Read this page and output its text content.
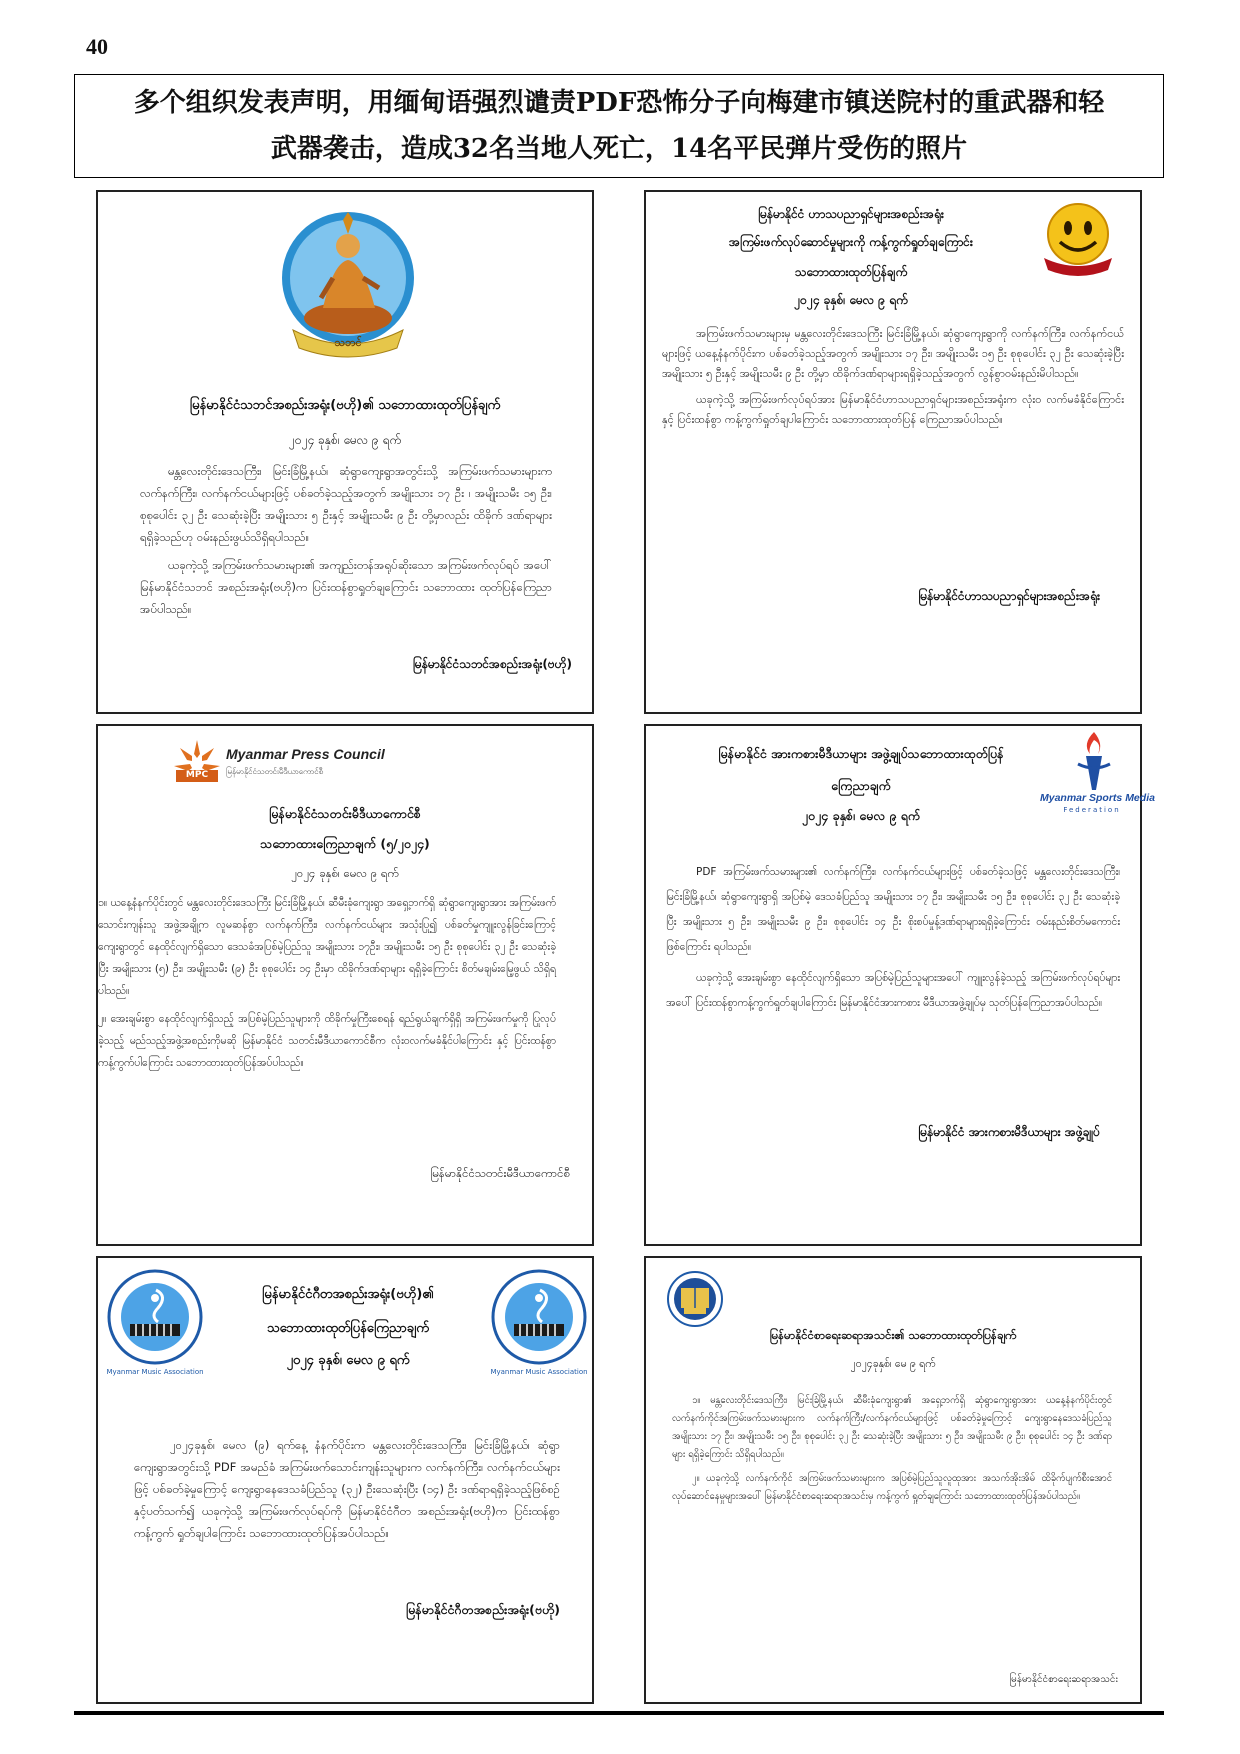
40
多个组织发表声明，用缅甸语强烈谴责PDF恐怖分子向梅建市镇送院村的重武器和轻
武器袭击，造成32名当地人死亡，14名平民弹片受伤的照片
သဘင်
မြန်မာနိုင်ငံသဘင်အစည်းအရုံး(ဗဟို)၏ သဘောထားထုတ်ပြန်ချက်
၂၀၂၄ ခုနှစ်၊ မေလ ၉ ရက်

မန္တလေးတိုင်းဒေသကြီး၊ မြင်းခြံမြို့နယ်၊ ဆုံရွာကျေးရွာအတွင်းသို့ အကြမ်းဖက်သမားများက လက်နက်ကြီး၊ လက်နက်ငယ်များဖြင့် ပစ်ခတ်ခဲ့သည့်အတွက် အမျိုးသား ၁၇ ဦး ၊ အမျိုးသမီး ၁၅ ဦး၊ စုစုပေါင်း ၃၂ ဦး သေဆုံးခဲ့ပြီး အမျိုးသား ၅ ဦးနှင့် အမျိုးသမီး ၉ ဦး တို့မှာလည်း ထိခိုက် ဒဏ်ရာများရရှိခဲ့သည်ဟု ဝမ်းနည်းဖွယ်သိရှိရပါသည်။

ယခုကဲ့သို့ အကြမ်းဖက်သမားများ၏ အကျည်းတန်အရုပ်ဆိုးသော အကြမ်းဖက်လုပ်ရပ် အပေါ် မြန်မာနိုင်ငံသဘင် အစည်းအရုံး(ဗဟို)က ပြင်းထန်စွာရှုတ်ချကြောင်း သဘောထား ထုတ်ပြန်ကြေညာအပ်ပါသည်။

မြန်မာနိုင်ငံသဘင်အစည်းအရုံး(ဗဟို)
မြန်မာနိုင်ငံ ဟာသပညာရှင်များအစည်းအရုံး
အကြမ်းဖက်လုပ်ဆောင်မှုများကို ကန့်ကွက်ရှုတ်ချကြောင်း
သဘောထားထုတ်ပြန်ချက်
၂၀၂၄ ခုနှစ်၊ မေလ ၉ ရက်

အကြမ်းဖက်သမားများမှ မန္တလေးတိုင်းဒေသကြီး မြင်းခြံမြို့နယ်၊ ဆုံရွာကျေးရွာကို လက်နက်ကြီး၊ လက်နက်ငယ်များဖြင့် ယနေ့နံနက်ပိုင်းက ပစ်ခတ်ခဲ့သည့်အတွက် အမျိုးသား ၁၇ ဦး၊ အမျိုးသမီး ၁၅ ဦး စုစုပေါင်း ၃၂ ဦး သေဆုံးခဲ့ပြီး အမျိုးသား ၅ ဦးနှင့် အမျိုးသမီး ၉ ဦး တို့မှာ ထိခိုက်ဒဏ်ရာများရရှိခဲ့သည့်အတွက် လွန်စွာဝမ်းနည်းမိပါသည်။

ယခုကဲ့သို့ အကြမ်းဖက်လုပ်ရပ်အား မြန်မာနိုင်ငံဟာသပညာရှင်များအစည်းအရုံးက လုံးဝ လက်မခံနိုင်ကြောင်းနှင့် ပြင်းထန်စွာ ကန့်ကွက်ရှုတ်ချပါကြောင်း သဘောထားထုတ်ပြန် ကြေညာအပ်ပါသည်။

မြန်မာနိုင်ငံဟာသပညာရှင်များအစည်းအရုံး
MPC
Myanmar Press Council
မြန်မာနိုင်ငံသတင်းမီဒီယာကောင်စီ
မြန်မာနိုင်ငံသတင်းမီဒီယာကောင်စီ
သဘောထားကြေညာချက် (၅/၂၀၂၄)
၂၀၂၄ ခုနှစ်၊ မေလ ၉ ရက်

၁။ ယနေ့နံနက်ပိုင်းတွင် မန္တလေးတိုင်းဒေသကြီး မြင်းခြံမြို့နယ်၊ ဆီမီးခုံကျေးရွာ အရှေ့ဘက်ရှိ ဆုံရွာကျေးရွာအား အကြမ်းဖက်သောင်းကျန်းသူ အဖွဲ့အချို့က လူမဆန်စွာ လက်နက်ကြီး၊ လက်နက်ငယ်များ အသုံးပြု၍ ပစ်ခတ်မှုကျူးလွန်ခြင်းကြောင့် ကျေးရွာတွင် နေထိုင်လျက်ရှိသော ဒေသခံအပြစ်မဲ့ပြည်သူ အမျိုးသား ၁၇ဦး၊ အမျိုးသမီး ၁၅ ဦး စုစုပေါင်း ၃၂ ဦး သေဆုံးခဲ့ပြီး အမျိုးသား (၅) ဦး၊ အမျိုးသမီး (၉) ဦး စုစုပေါင်း ၁၄ ဦးမှာ ထိခိုက်ဒဏ်ရာများ ရရှိခဲ့ကြောင်း စိတ်မချမ်းမြေ့ဖွယ် သိရှိရပါသည်။

၂။ အေးချမ်းစွာ နေထိုင်လျက်ရှိသည့် အပြစ်မဲ့ပြည်သူများကို ထိခိုက်မှုကြီးစေရန် ရည်ရွယ်ချက်ရှိရှိ အကြမ်းဖက်မှုကို ပြုလုပ်ခဲ့သည့် မည်သည့်အဖွဲ့အစည်းကိုမဆို မြန်မာနိုင်ငံ သတင်းမီဒီယာကောင်စီက လုံးဝလက်မခံနိုင်ပါကြောင်း နှင့် ပြင်းထန်စွာကန့်ကွက်ပါကြောင်း သဘောထားထုတ်ပြန်အပ်ပါသည်။

မြန်မာနိုင်ငံသတင်းမီဒီယာကောင်စီ
မြန်မာနိုင်ငံ အားကစားမီဒီယာများ အဖွဲ့ချုပ်သဘောထားထုတ်ပြန်
ကြေညာချက်
၂၀၂၄ ခုနှစ်၊ မေလ ၉ ရက်
Myanmar Sports Media
Federation

PDF အကြမ်းဖက်သမားများ၏ လက်နက်ကြီး၊ လက်နက်ငယ်များဖြင့် ပစ်ခတ်ခဲ့သဖြင့် မန္တလေးတိုင်းဒေသကြီး၊ မြင်းခြံမြို့နယ်၊ ဆုံရွာကျေးရွာရှိ အပြစ်မဲ့ ဒေသခံပြည်သူ အမျိုးသား ၁၇ ဦး၊ အမျိုးသမီး ၁၅ ဦး၊ စုစုပေါင်း ၃၂ ဦး သေဆုံးခဲ့ပြီး အမျိုးသား ၅ ဦး၊ အမျိုးသမီး ၉ ဦး၊ စုစုပေါင်း ၁၄ ဦး စိုးစပ်မှုန့်ဒဏ်ရာများရရှိခဲ့ကြောင်း ဝမ်းနည်းစိတ်မကောင်းဖြစ်ကြောင်း ရပါသည်။

ယခုကဲ့သို့ အေးချမ်းစွာ နေထိုင်လျက်ရှိသော အပြစ်မဲ့ပြည်သူများအပေါ် ကျူးလွန်ခဲ့သည့် အကြမ်းဖက်လုပ်ရပ်များအပေါ် ပြင်းထန်စွာကန့်ကွက်ရှုတ်ချပါကြောင်း မြန်မာနိုင်ငံအားကစား မီဒီယာအဖွဲ့ချုပ်မှ သုတ်ပြန်ကြေညာအပ်ပါသည်။

မြန်မာနိုင်ငံ အားကစားမီဒီယာများ အဖွဲ့ချုပ်
Myanmar Music Association	Myanmar Music Association
မြန်မာနိုင်ငံဂီတအစည်းအရုံး(ဗဟို)၏
သဘောထားထုတ်ပြန်ကြေညာချက်
၂၀၂၄ ခုနှစ်၊ မေလ ၉ ရက်

၂၀၂၄ခုနှစ်၊ မေလ (၉) ရက်နေ့ နံနက်ပိုင်းက မန္တလေးတိုင်းဒေသကြီး၊ မြင်းခြံမြို့နယ်၊ ဆုံရွာကျေးရွာအတွင်းသို့ PDF အမည်ခံ အကြမ်းဖက်သောင်းကျန်းသူများက လက်နက်ကြီး၊ လက်နက်ငယ်များဖြင့် ပစ်ခတ်ခဲ့မှုကြောင့် ကျေးရွာနေဒေသခံပြည်သူ (၃၂) ဦးသေဆုံးပြီး (၁၄) ဦး ဒဏ်ရာရရှိခဲ့သည့်ဖြစ်စဉ်နှင့်ပတ်သက်၍ ယခုကဲ့သို့ အကြမ်းဖက်လုပ်ရပ်ကို မြန်မာနိုင်ငံဂီတ အစည်းအရုံး(ဗဟို)က ပြင်းထန်စွာကန့်ကွက် ရှုတ်ချပါကြောင်း သဘောထားထုတ်ပြန်အပ်ပါသည်။

မြန်မာနိုင်ငံဂီတအစည်းအရုံး(ဗဟို)
မြန်မာနိုင်ငံစာရေးဆရာအသင်း၏ သဘောထားထုတ်ပြန်ချက်
၂၀၂၄ခုနှစ်၊ မေ ၉ ရက်

၁။ မန္တလေးတိုင်းဒေသကြီး၊ မြင်းခြံမြို့နယ်၊ ဆီမီးခုံကျေးရွာ၏ အရှေ့ဘက်ရှိ ဆုံရွာကျေးရွာအား ယနေ့နံနက်ပိုင်းတွင် လက်နက်ကိုင်အကြမ်းဖက်သမားများက လက်နက်ကြီး/လက်နက်ငယ်များဖြင့် ပစ်ခတ်ခဲ့မှုကြောင့် ကျေးရွာနေဒေသခံပြည်သူ အမျိုးသား ၁၇ ဦး၊ အမျိုးသမီး ၁၅ ဦး၊ စုစုပေါင်း ၃၂ ဦး သေဆုံးခဲ့ပြီး အမျိုးသား ၅ ဦး၊ အမျိုးသမီး ၉ ဦး၊ စုစုပေါင်း ၁၄ ဦး ဒဏ်ရာများ ရရှိခဲ့ကြောင်း သိရှိရပါသည်။

၂။ ယခုကဲ့သို့ လက်နက်ကိုင် အကြမ်းဖက်သမားများက အပြစ်မဲ့ပြည်သူလူထုအား အသက်အိုးအိမ် ထိခိုက်ပျက်စီးအောင် လုပ်ဆောင်နေမှုများအပေါ် မြန်မာနိုင်ငံစာရေးဆရာအသင်းမှ ကန့်ကွက် ရှုတ်ချကြောင်း သဘောထားထုတ်ပြန်အပ်ပါသည်။

မြန်မာနိုင်ငံစာရေးဆရာအသင်း
